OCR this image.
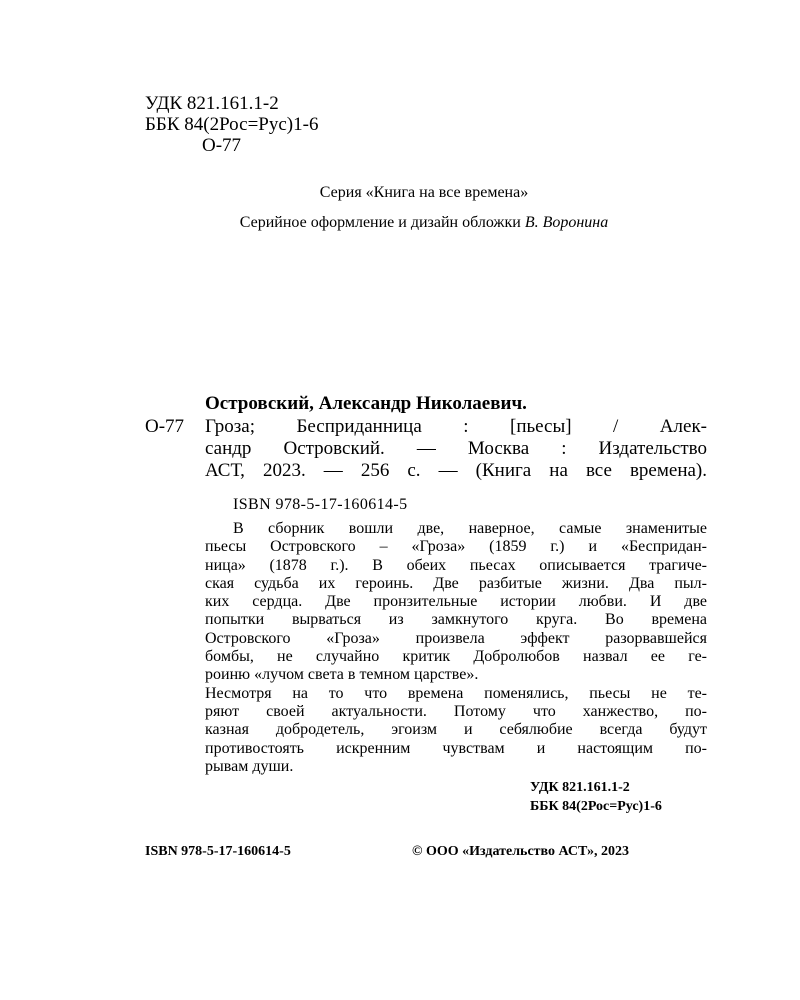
УДК 821.161.1-2
ББК 84(2Рос=Рус)1-6
О-77
Серия «Книга на все времена»
Серийное оформление и дизайн обложки В. Воронина
Островский, Александр Николаевич.
О-77 Гроза; Бесприданница : [пьесы] / Алек-
сандр Островский. — Москва : Издательство
АСТ, 2023. — 256 с. — (Книга на все времена).
ISBN 978-5-17-160614-5
В сборник вошли две, наверное, самые знаменитые
пьесы Островского – «Гроза» (1859 г.) и «Беспридан-
ница» (1878 г.). В обеих пьесах описывается трагиче-
ская судьба их героинь. Две разбитые жизни. Два пыл-
ких сердца. Две пронзительные истории любви. И две
попытки вырваться из замкнутого круга. Во времена
Островского «Гроза» произвела эффект разорвавшейся
бомбы, не случайно критик Добролюбов назвал ее ге-
роиню «лучом света в темном царстве».
Несмотря на то что времена поменялись, пьесы не те-
ряют своей актуальности. Потому что ханжество, по-
казная добродетель, эгоизм и себялюбие всегда будут
противостоять искренним чувствам и настоящим по-
рывам души.
УДК 821.161.1-2
ББК 84(2Рос=Рус)1-6
ISBN 978-5-17-160614-5	© ООО «Издательство АСТ», 2023
